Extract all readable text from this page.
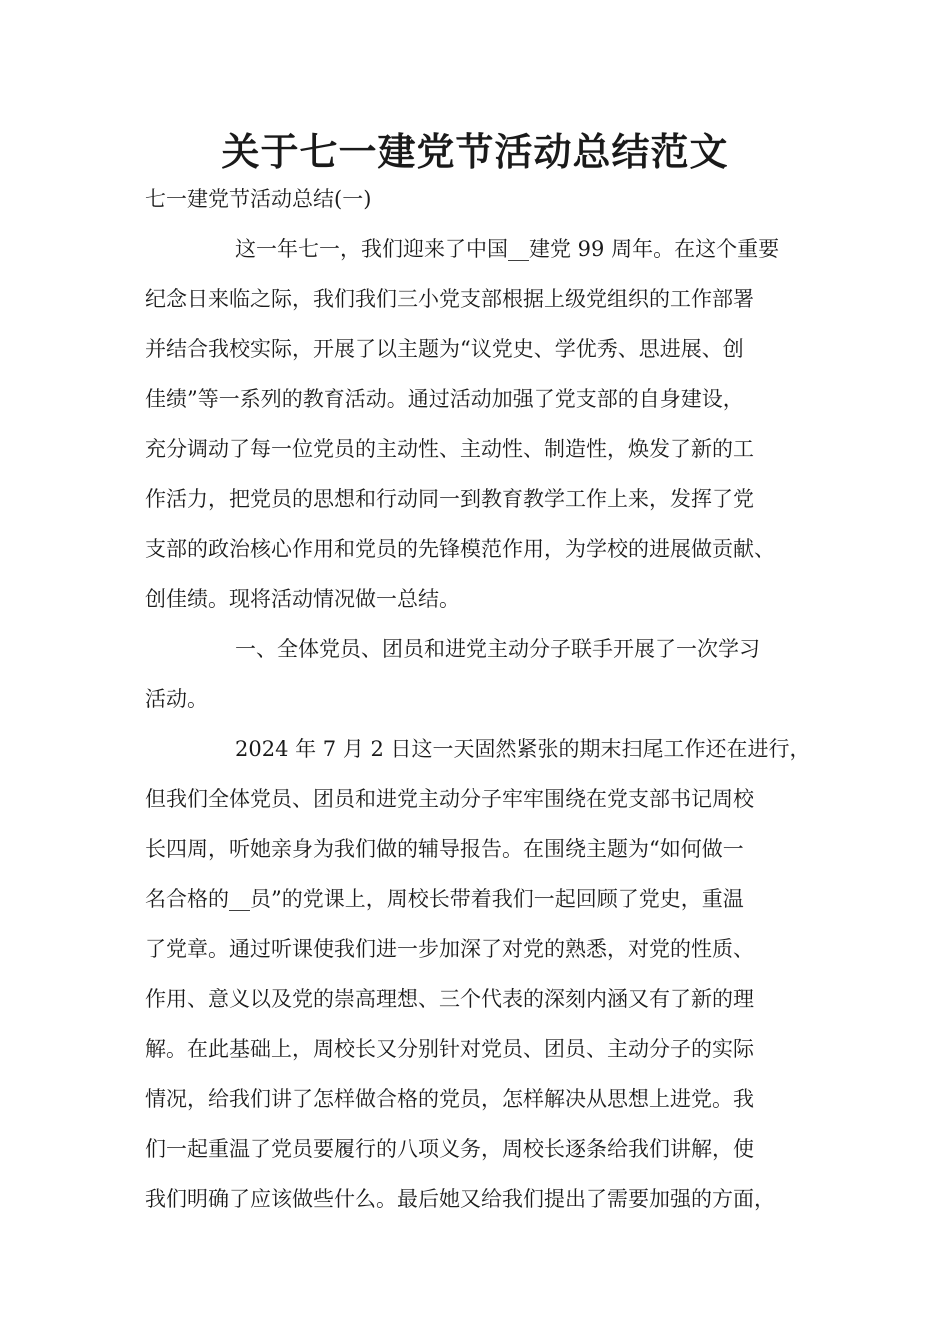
关于七一建党节活动总结范文

七一建党节活动总结(一)

这一年七一，我们迎来了中国__建党 99 周年。在这个重要

纪念日来临之际，我们我们三小党支部根据上级党组织的工作部署

并结合我校实际，开展了以主题为“议党史、学优秀、思进展、创

佳绩”等一系列的教育活动。通过活动加强了党支部的自身建设，

充分调动了每一位党员的主动性、主动性、制造性，焕发了新的工

作活力，把党员的思想和行动同一到教育教学工作上来，发挥了党

支部的政治核心作用和党员的先锋模范作用，为学校的进展做贡献、

创佳绩。现将活动情况做一总结。

一、全体党员、团员和进党主动分子联手开展了一次学习

活动。

2024 年 7 月 2 日这一天固然紧张的期末扫尾工作还在进行，

但我们全体党员、团员和进党主动分子牢牢围绕在党支部书记周校

长四周，听她亲身为我们做的辅导报告。在围绕主题为“如何做一

名合格的__员”的党课上，周校长带着我们一起回顾了党史，重温

了党章。通过听课使我们进一步加深了对党的熟悉，对党的性质、

作用、意义以及党的崇高理想、三个代表的深刻内涵又有了新的理

解。在此基础上，周校长又分别针对党员、团员、主动分子的实际

情况，给我们讲了怎样做合格的党员，怎样解决从思想上进党。我

们一起重温了党员要履行的八项义务，周校长逐条给我们讲解，使

我们明确了应该做些什么。最后她又给我们提出了需要加强的方面，
